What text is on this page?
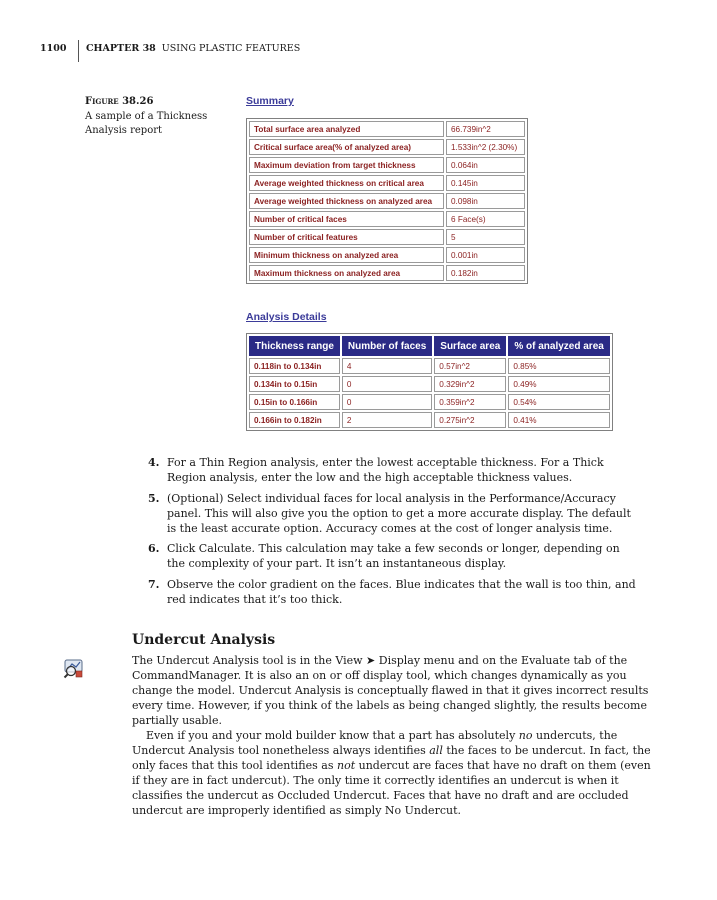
1100 CHAPTER 38 USING PLASTIC FEATURES
Figure 38.26
A sample of a Thickness Analysis report
Summary
Total surface area analyzed	66.739in^2
Critical surface area(% of analyzed area)	1.533in^2 (2.30%)
Maximum deviation from target thickness	0.064in
Average weighted thickness on critical area	0.145in
Average weighted thickness on analyzed area	0.098in
Number of critical faces	6 Face(s)
Number of critical features	5
Minimum thickness on analyzed area	0.001in
Maximum thickness on analyzed area	0.182in
Analysis Details
Thickness range	Number of faces	Surface area	% of analyzed area
0.118in to 0.134in	4	0.57in^2	0.85%
0.134in to 0.15in	0	0.329in^2	0.49%
0.15in to 0.166in	0	0.359in^2	0.54%
0.166in to 0.182in	2	0.275in^2	0.41%
4. For a Thin Region analysis, enter the lowest acceptable thickness. For a Thick Region analysis, enter the low and the high acceptable thickness values.
5. (Optional) Select individual faces for local analysis in the Performance/Accuracy panel. This will also give you the option to get a more accurate display. The default is the least accurate option. Accuracy comes at the cost of longer analysis time.
6. Click Calculate. This calculation may take a few seconds or longer, depending on the complexity of your part. It isn’t an instantaneous display.
7. Observe the color gradient on the faces. Blue indicates that the wall is too thin, and red indicates that it’s too thick.
Undercut Analysis

The Undercut Analysis tool is in the View ➤ Display menu and on the Evaluate tab of the CommandManager. It is also an on or off display tool, which changes dynamically as you change the model. Undercut Analysis is conceptually flawed in that it gives incorrect results every time. However, if you think of the labels as being changed slightly, the results become partially usable.

Even if you and your mold builder know that a part has absolutely no undercuts, the Undercut Analysis tool nonetheless always identifies all the faces to be undercut. In fact, the only faces that this tool identifies as not undercut are faces that have no draft on them (even if they are in fact undercut). The only time it correctly identifies an undercut is when it classifies the undercut as Occluded Undercut. Faces that have no draft and are occluded undercut are improperly identified as simply No Undercut.
